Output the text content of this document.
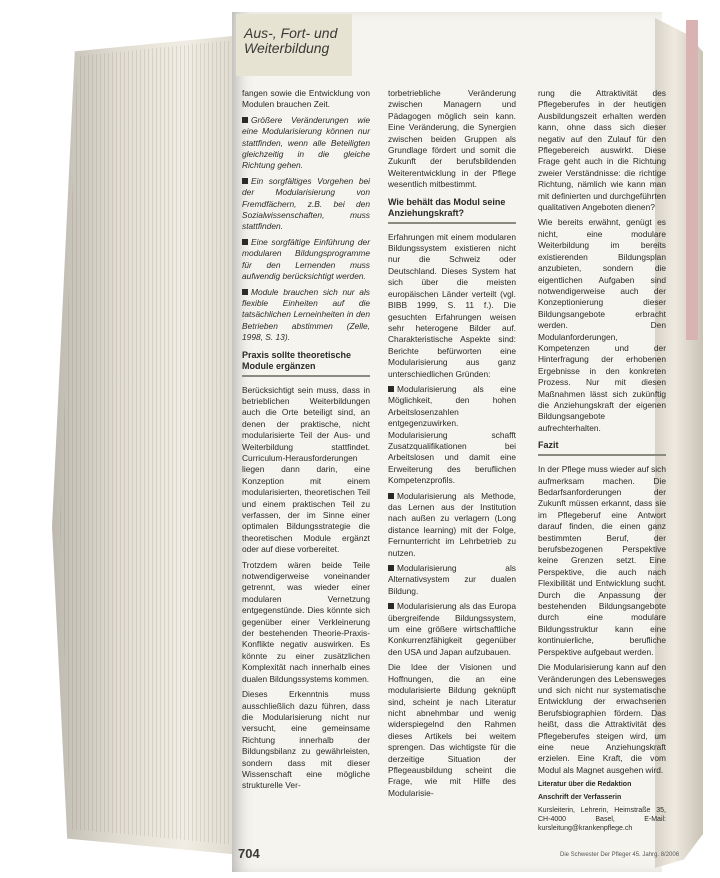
Aus-, Fort- und Weiterbildung

fangen sowie die Entwicklung von Modulen brauchen Zeit.

Größere Veränderungen wie eine Modularisierung können nur stattfinden, wenn alle Beteiligten gleichzeitig in die gleiche Richtung gehen.

Ein sorgfältiges Vorgehen bei der Modularisierung von Fremdfächern, z.B. bei den Sozialwissenschaften, muss stattfinden.

Eine sorgfältige Einführung der modularen Bildungsprogramme für den Lernenden muss aufwendig berücksichtigt werden.

Module brauchen sich nur als flexible Einheiten auf die tatsächlichen Lerneinheiten in den Betrieben abstimmen (Zelle, 1998, S. 13).

Praxis sollte theoretische Module ergänzen

Berücksichtigt sein muss, dass in betrieblichen Weiterbildungen auch die Orte beteiligt sind, an denen der praktische, nicht modularisierte Teil der Aus- und Weiterbildung stattfindet. Curriculum-Herausforderungen liegen dann darin, eine Konzeption mit einem modularisierten, theoretischen Teil und einem praktischen Teil zu verfassen, der im Sinne einer optimalen Bildungsstrategie die theoretischen Module ergänzt oder auf diese vorbereitet.

Trotzdem wären beide Teile notwendigerweise voneinander getrennt, was wieder einer modularen Vernetzung entgegenstünde. Dies könnte sich gegenüber einer Verkleinerung der bestehenden Theorie-Praxis-Konflikte negativ auswirken. Es könnte zu einer zusätzlichen Komplexität nach innerhalb eines dualen Bildungssystems kommen.

Dieses Erkenntnis muss ausschließlich dazu führen, dass die Modularisierung nicht nur versucht, eine gemeinsame Richtung innerhalb der Bildungsbilanz zu gewährleisten, sondern dass mit dieser Wissenschaft eine mögliche strukturelle Ver-

torbetriebliche Veränderung zwischen Managern und Pädagogen möglich sein kann. Eine Veränderung, die Synergien zwischen beiden Gruppen als Grundlage fördert und somit die Zukunft der berufsbildenden Weiterentwicklung in der Pflege wesentlich mitbestimmt.

Wie behält das Modul seine Anziehungskraft?

Erfahrungen mit einem modularen Bildungssystem existieren nicht nur die Schweiz oder Deutschland. Dieses System hat sich über die meisten europäischen Länder verteilt (vgl. BIBB 1999, S. 11 f.). Die gesuchten Erfahrungen weisen sehr heterogene Bilder auf. Charakteristische Aspekte sind: Berichte befürworten eine Modularisierung aus ganz unterschiedlichen Gründen:

Modularisierung als eine Möglichkeit, den hohen Arbeitslosenzahlen entgegenzuwirken. Modularisierung schafft Zusatzqualifikationen bei Arbeitslosen und damit eine Erweiterung des beruflichen Kompetenzprofils.

Modularisierung als Methode, das Lernen aus der Institution nach außen zu verlagern (Long distance learning) mit der Folge, Fernunterricht im Lehrbetrieb zu nutzen.

Modularisierung als Alternativsystem zur dualen Bildung.

Modularisierung als das Europa übergreifende Bildungssystem, um eine größere wirtschaftliche Konkurrenzfähigkeit gegenüber den USA und Japan aufzubauen.

Die Idee der Visionen und Hoffnungen, die an eine modularisierte Bildung geknüpft sind, scheint je nach Literatur nicht abnehmbar und wenig widerspiegelnd den Rahmen dieses Artikels bei weitem sprengen. Das wichtigste für die derzeitige Situation der Pflegeausbildung scheint die Frage, wie mit Hilfe des Modularisie-

rung die Attraktivität des Pflegeberufes in der heutigen Ausbildungszeit erhalten werden kann, ohne dass sich dieser negativ auf den Zulauf für den Pflegebereich auswirkt. Diese Frage geht auch in die Richtung zweier Verständnisse: die richtige Richtung, nämlich wie kann man mit definierten und durchgeführten qualitativen Angeboten dienen?

Wie bereits erwähnt, genügt es nicht, eine modulare Weiterbildung im bereits existierenden Bildungsplan anzubieten, sondern die eigentlichen Aufgaben sind notwendigerweise auch der Konzeptionierung dieser Bildungsangebote erbracht werden. Den Modulanforderungen, Kompetenzen und der Hinterfragung der erhobenen Ergebnisse in den konkreten Prozess. Nur mit diesen Maßnahmen lässt sich zukünftig die Anziehungskraft der eigenen Bildungsangebote aufrechterhalten.

Fazit

In der Pflege muss wieder auf sich aufmerksam machen. Die Bedarfsanforderungen der Zukunft müssen erkannt, dass sie im Pflegeberuf eine Antwort darauf finden, die einen ganz bestimmten Beruf, der berufsbezogenen Perspektive keine Grenzen setzt. Eine Perspektive, die auch nach Flexibilität und Entwicklung sucht. Durch die Anpassung der bestehenden Bildungsangebote durch eine modulare Bildungsstruktur kann eine kontinuierliche, berufliche Perspektive aufgebaut werden.

Die Modularisierung kann auf den Veränderungen des Lebensweges und sich nicht nur systematische Entwicklung der erwachsenen Berufsbiographien fördern. Das heißt, dass die Attraktivität des Pflegeberufes steigen wird, um eine neue Anziehungskraft erzielen. Eine Kraft, die vom Modul als Magnet ausgehen wird.

Literatur über die Redaktion

Anschrift der Verfasserin

Kursleiterin, Lehrerin, Heimstraße 35, CH-4000 Basel, E-Mail: kursleitung@krankenpflege.ch

704	Die Schwester Der Pfleger 45. Jahrg. 8/2006
